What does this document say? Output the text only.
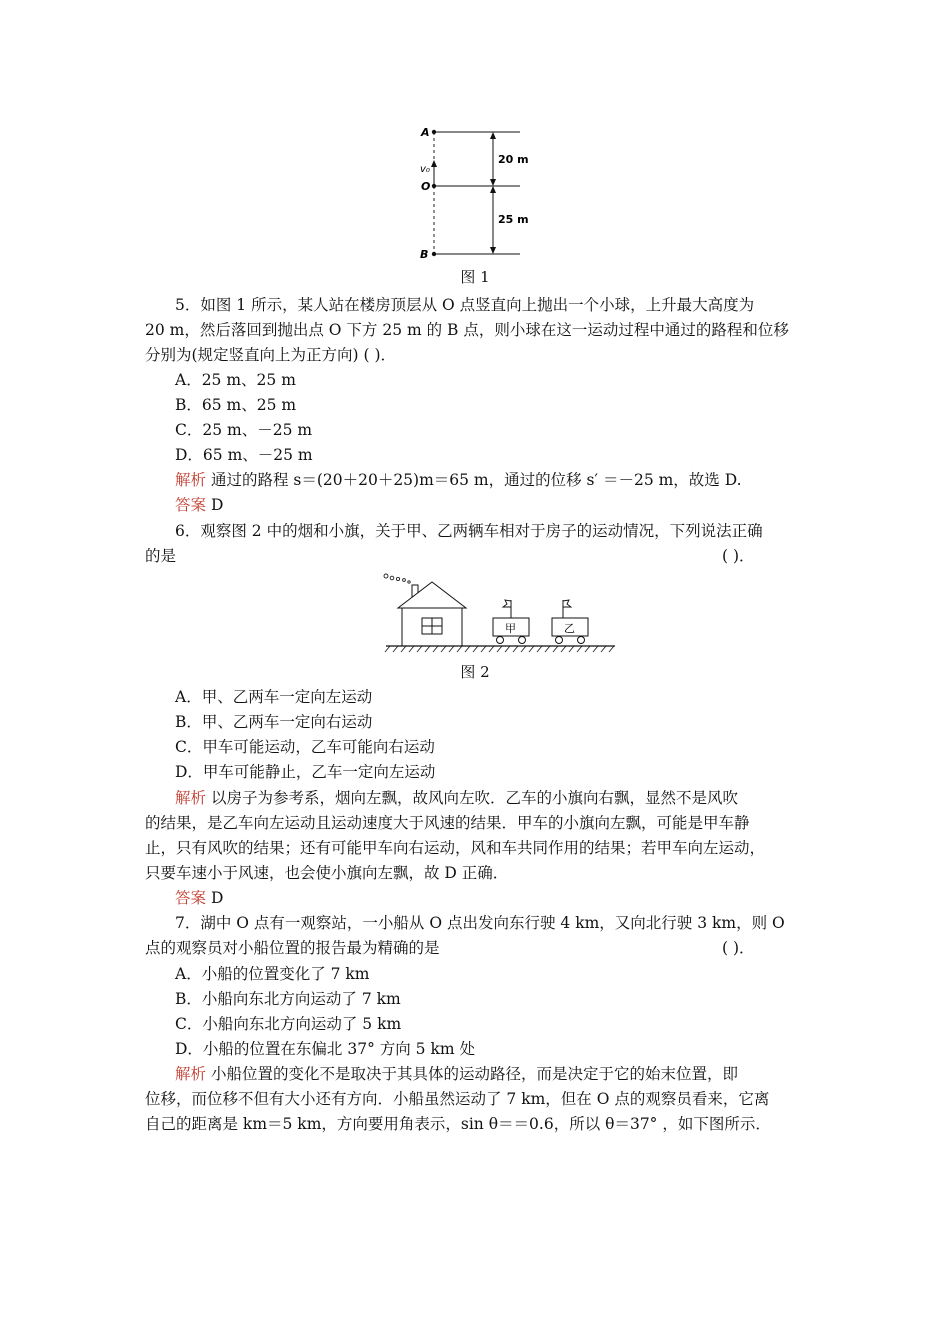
A
v₀
O
B
20 m
25 m
图 1
5．如图 1 所示，某人站在楼房顶层从 O 点竖直向上抛出一个小球，上升最大高度为
20 m，然后落回到抛出点 O 下方 25 m 的 B 点，则小球在这一运动过程中通过的路程和位移
分别为(规定竖直向上为正方向) ( )．
A．25 m、25 m
B．65 m、25 m
C．25 m、－25 m
D．65 m、－25 m
解析 通过的路程 s＝(20＋20＋25)m＝65 m，通过的位移 s′ ＝－25 m，故选 D.
答案 D
6．观察图 2 中的烟和小旗，关于甲、乙两辆车相对于房子的运动情况，下列说法正确
的是	( )．
甲	乙
图 2
A．甲、乙两车一定向左运动
B．甲、乙两车一定向右运动
C．甲车可能运动，乙车可能向右运动
D．甲车可能静止，乙车一定向左运动
解析 以房子为参考系，烟向左飘，故风向左吹．乙车的小旗向右飘，显然不是风吹
的结果，是乙车向左运动且运动速度大于风速的结果．甲车的小旗向左飘，可能是甲车静
止，只有风吹的结果；还有可能甲车向右运动，风和车共同作用的结果；若甲车向左运动，
只要车速小于风速，也会使小旗向左飘，故 D 正确．
答案 D
7．湖中 O 点有一观察站，一小船从 O 点出发向东行驶 4 km，又向北行驶 3 km，则 O
点的观察员对小船位置的报告最为精确的是	( )．
A．小船的位置变化了 7 km
B．小船向东北方向运动了 7 km
C．小船向东北方向运动了 5 km
D．小船的位置在东偏北 37° 方向 5 km 处
解析 小船位置的变化不是取决于其具体的运动路径，而是决定于它的始末位置，即
位移，而位移不但有大小还有方向．小船虽然运动了 7 km，但在 O 点的观察员看来，它离
自己的距离是 km＝5 km，方向要用角表示，sin θ＝＝0.6，所以 θ＝37° ，如下图所示．
